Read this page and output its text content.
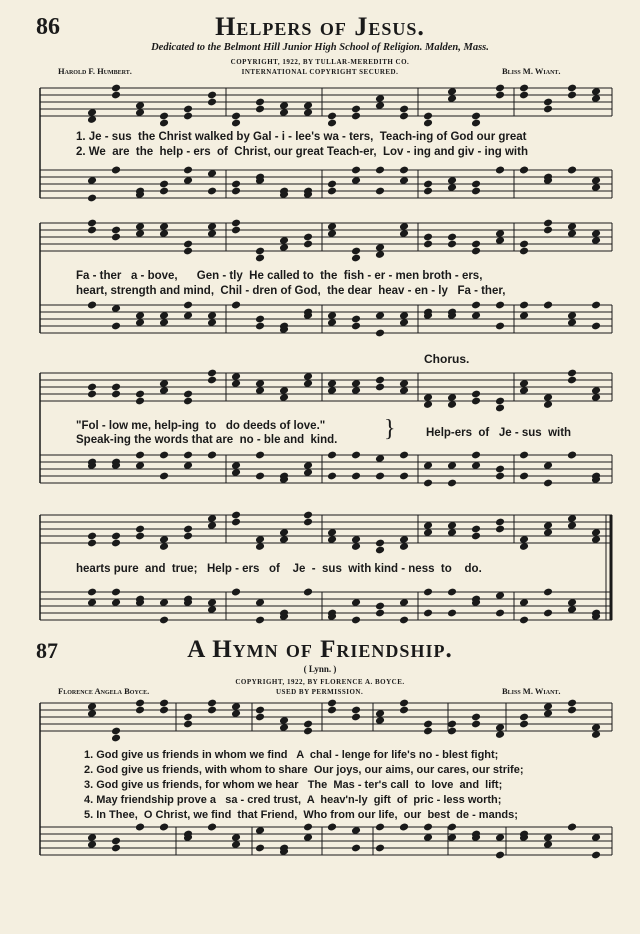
86	Helpers of Jesus.
Dedicated to the Belmont Hill Junior High School of Religion. Malden, Mass.
COPYRIGHT, 1922, BY TULLAR-MEREDITH CO.
INTERNATIONAL COPYRIGHT SECURED.
Harold F. Humbert.	Bliss M. Wiant.
1. Je - sus  the Christ walked by Gal - i - lee's wa - ters,  Teach-ing of God our great
2. We  are  the  help - ers  of  Christ, our great Teach-er,  Lov - ing and giv - ing with
Fa - ther   a - bove,      Gen - tly  He called to  the  fish - er - men broth - ers,
heart, strength and mind,  Chil - dren of God,  the dear  heav - en - ly   Fa - ther,
Chorus.
"Fol - low me, help-ing  to   do deeds of love."
Speak-ing the words that are  no - ble and  kind. }	Help-ers  of   Je - sus  with
hearts pure  and  true;   Help - ers   of    Je  -  sus  with kind - ness  to    do.
87	A Hymn of Friendship.
( Lynn. )
COPYRIGHT, 1922, BY FLORENCE A. BOYCE.
Florence Angela Boyce.	USED BY PERMISSION.	Bliss M. Wiant.
1. God give us friends in whom we find   A  chal - lenge for life's no - blest fight;
2. God give us friends, with whom to share  Our joys, our aims, our cares, our strife;
3. God give us friends, for whom we hear   The  Mas - ter's call  to  love  and  lift;
4. May friendship prove a   sa - cred trust,  A  heav'n-ly  gift  of  pric - less worth;
5. In Thee,  O Christ, we find  that Friend,  Who from our life,  our  best  de - mands;
